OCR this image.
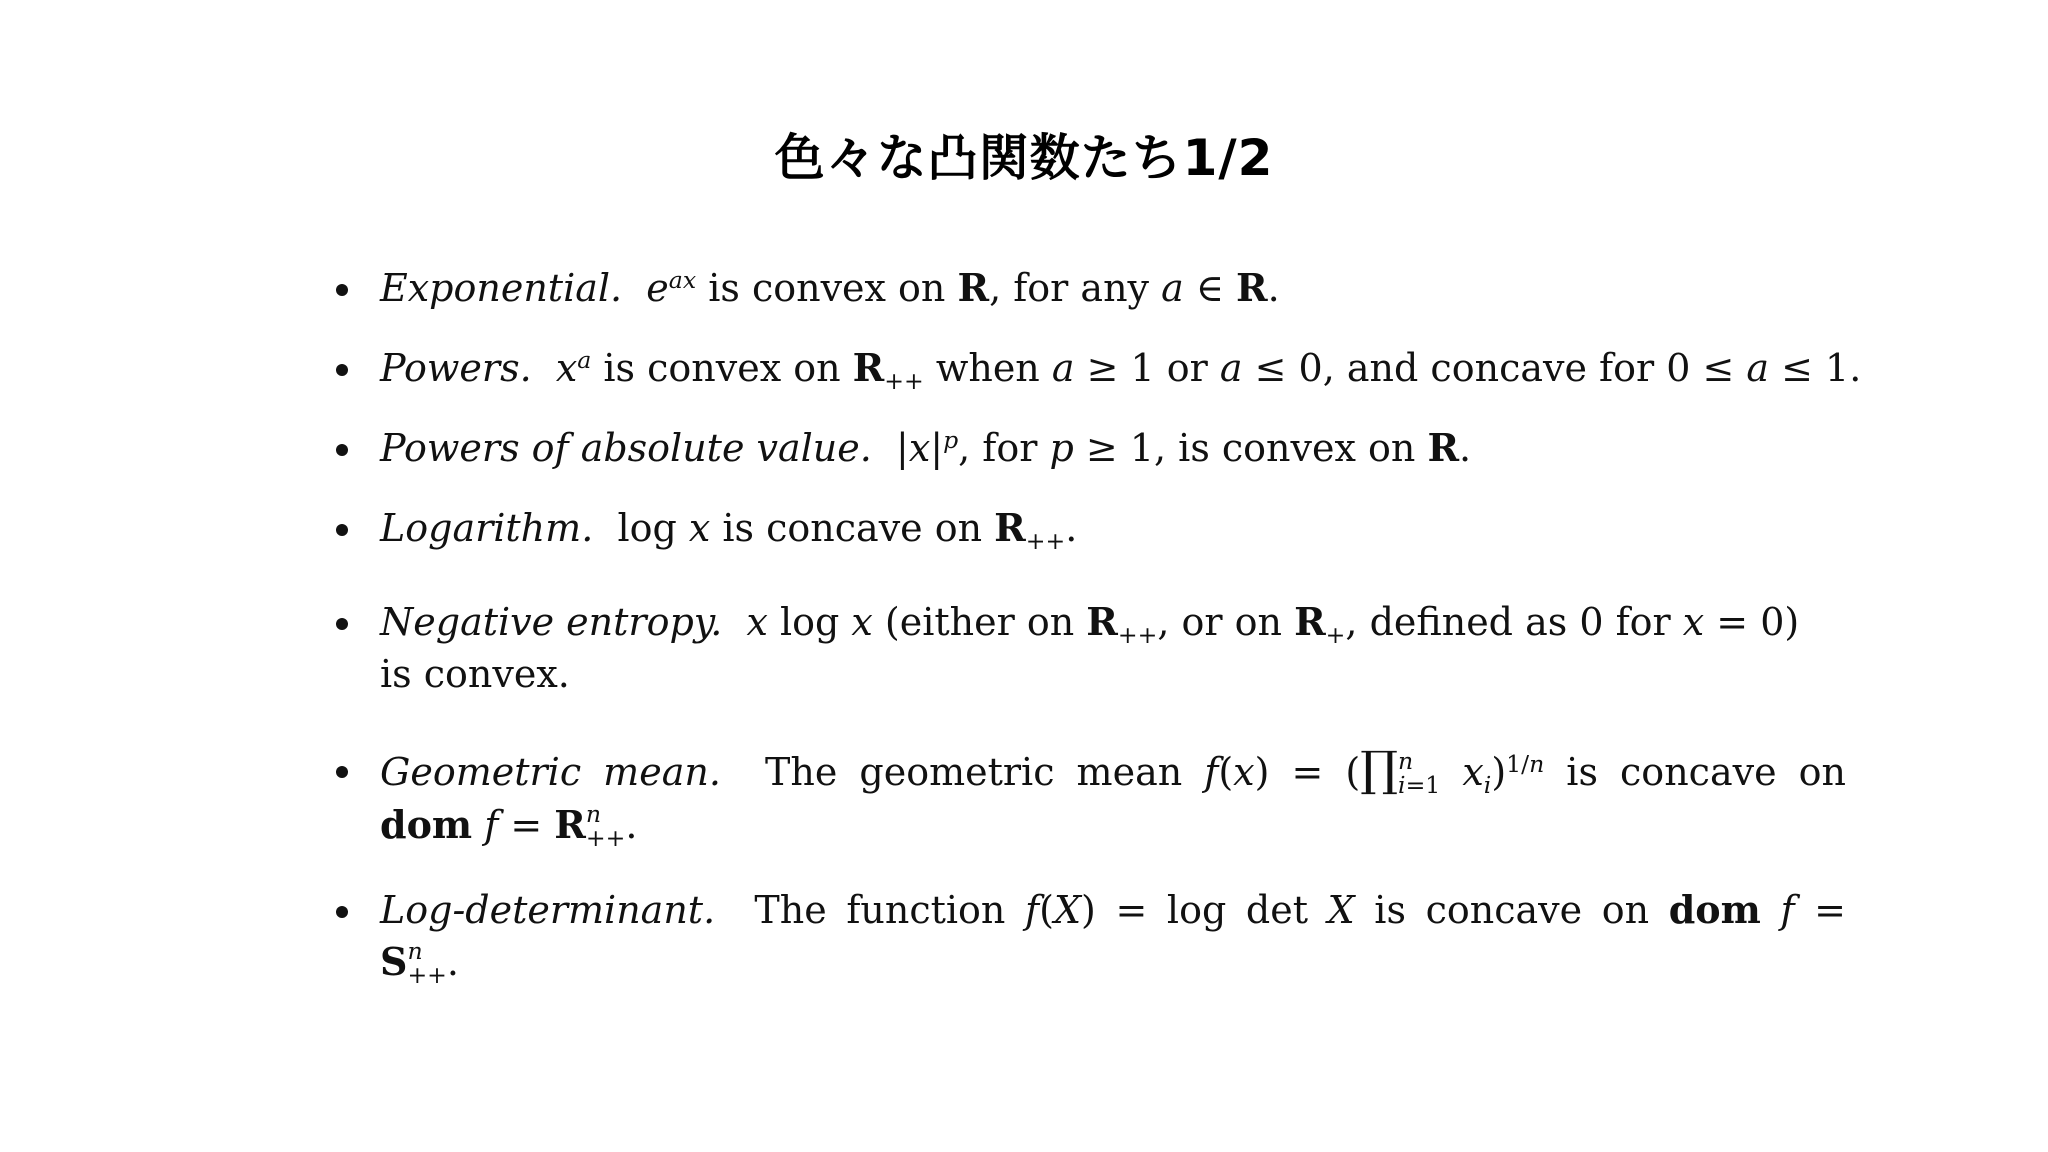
色々な凸関数たち1/2
Exponential. $e^{ax}$ is convex on R, for any a ∈ R.
Powers. $x^a$ is convex on $R_{++}$ when a ≥ 1 or a ≤ 0, and concave for 0 ≤ a ≤ 1.
Powers of absolute value.  $|x|^p$, for p ≥ 1, is convex on R.
Logarithm.  log x is concave on $R_{++}$.
Negative entropy. x log x (either on $R_{++}$, or on $R_+$, defined as 0 for x = 0)
is convex.
Geometric mean.  The geometric mean f(x) = (∏ n
i=1 $x_i)^{1/n}$ is concave on
dom f = R n
++ .
Log-determinant.  The function f(X) = log det X is concave on dom f =
S n
++ .
